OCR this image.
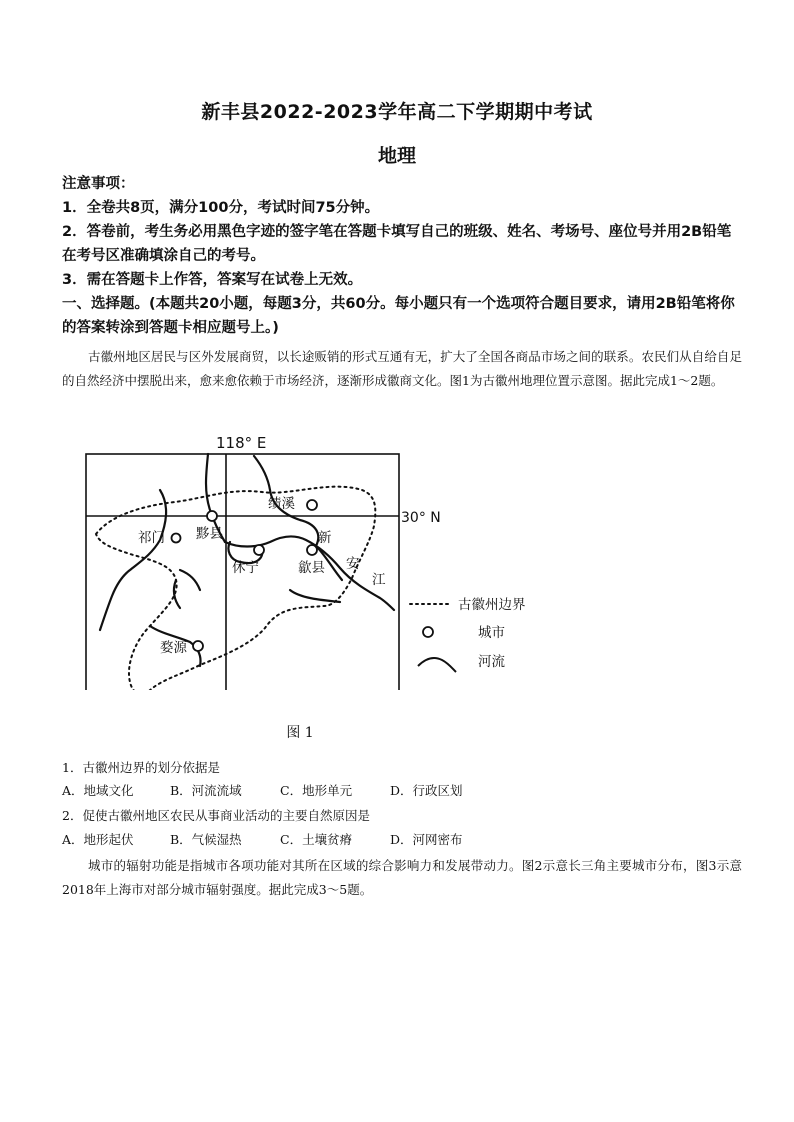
新丰县2022-2023学年高二下学期期中考试
地理
注意事项：
1．全卷共8页，满分100分，考试时间75分钟。
2．答卷前，考生务必用黑色字迹的签字笔在答题卡填写自己的班级、姓名、考场号、座位号并用2B铅笔在考号区准确填涂自己的考号。
3．需在答题卡上作答，答案写在试卷上无效。
一、选择题。(本题共20小题，每题3分，共60分。每小题只有一个选项符合题目要求，请用2B铅笔将你的答案转涂到答题卡相应题号上。)
古徽州地区居民与区外发展商贸，以长途贩销的形式互通有无，扩大了全国各商品市场之间的联系。农民们从自给自足的自然经济中摆脱出来，愈来愈依赖于市场经济，逐渐形成徽商文化。图1为古徽州地理位置示意图。据此完成1～2题。
118° E
30° N
绩溪
黟县
祁门
休宁	歙县
婺源
新
安
江
古徽州边界
城市
河流
图 1
1．古徽州边界的划分依据是
A．地域文化	B．河流流域	C．地形单元	D．行政区划
2．促使古徽州地区农民从事商业活动的主要自然原因是
A．地形起伏	B．气候湿热	C．土壤贫瘠	D．河网密布
城市的辐射功能是指城市各项功能对其所在区域的综合影响力和发展带动力。图2示意长三角主要城市分布，图3示意2018年上海市对部分城市辐射强度。据此完成3～5题。
